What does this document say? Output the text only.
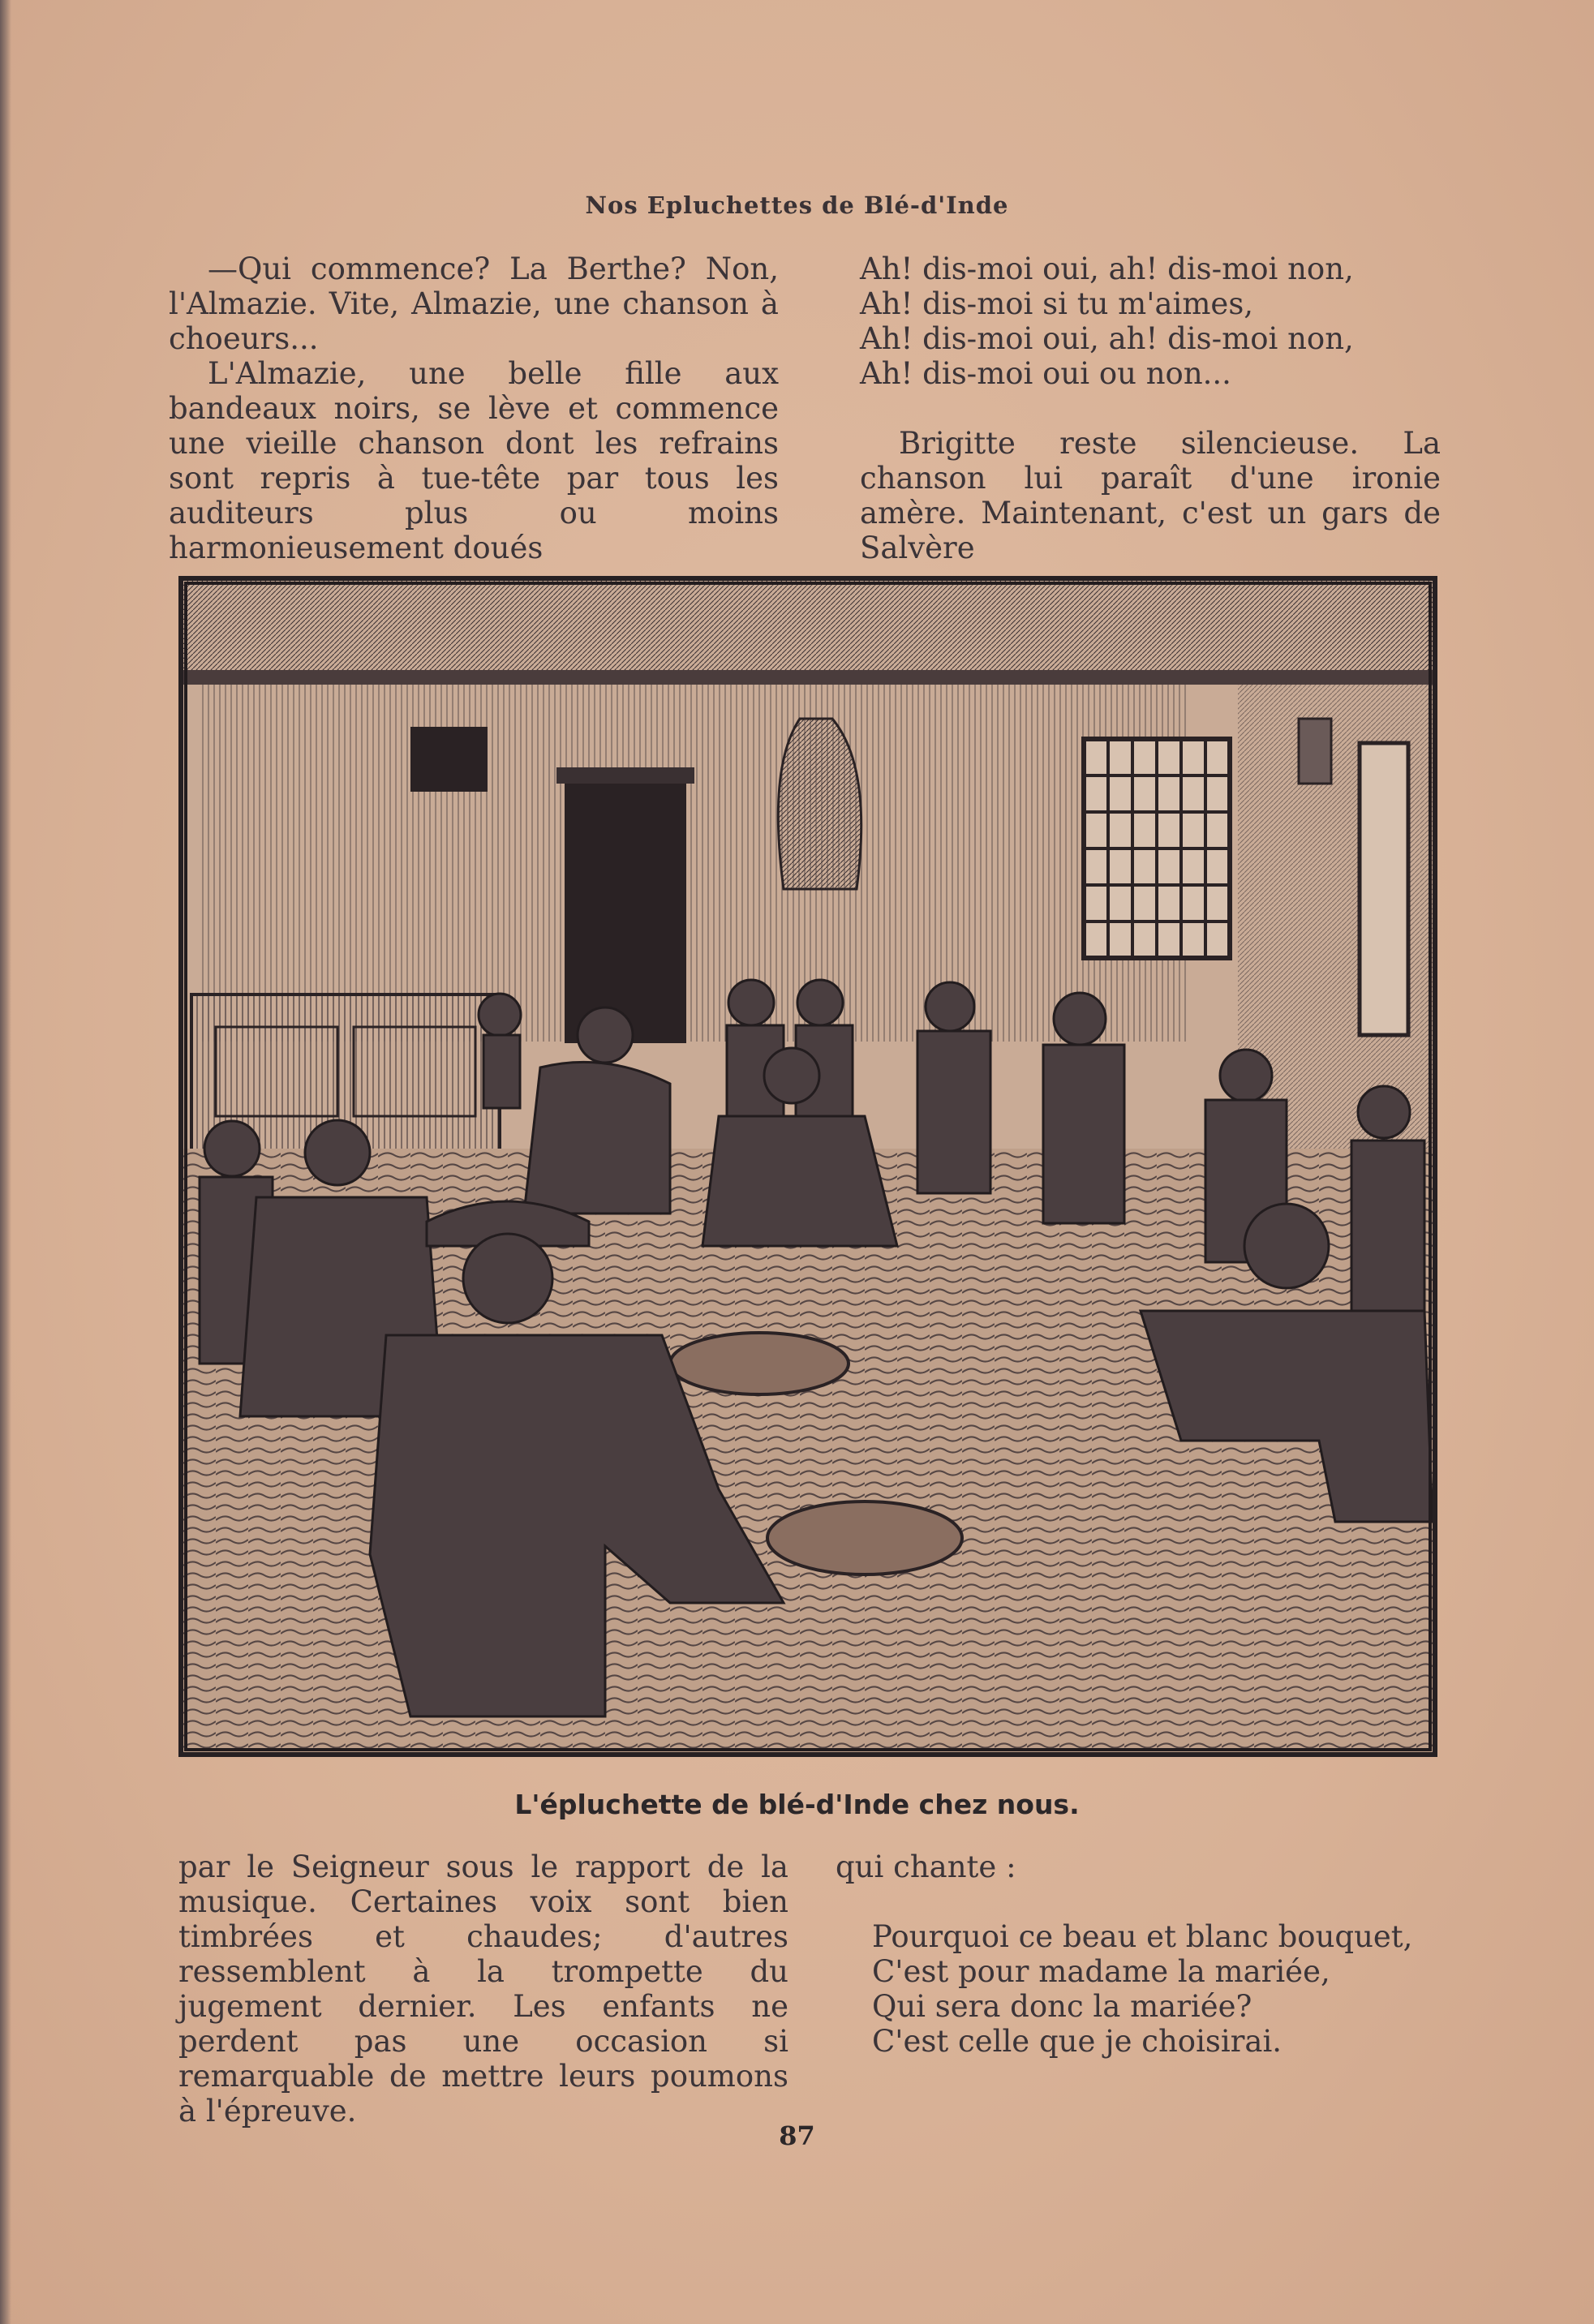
Nos Epluchettes de Blé-d'Inde

—Qui commence? La Berthe? Non, l'Almazie. Vite, Almazie, une chanson à choeurs...

L'Almazie, une belle fille aux bandeaux noirs, se lève et commence une vieille chanson dont les refrains sont repris à tue-tête par tous les auditeurs plus ou moins harmonieusement doués

Ah! dis-moi oui, ah! dis-moi non,
Ah! dis-moi si tu m'aimes,
Ah! dis-moi oui, ah! dis-moi non,
Ah! dis-moi oui ou non...

Brigitte reste silencieuse. La chanson lui paraît d'une ironie amère. Maintenant, c'est un gars de Salvère

L'épluchette de blé-d'Inde chez nous.

par le Seigneur sous le rapport de la musique. Certaines voix sont bien timbrées et chaudes; d'autres ressemblent à la trompette du jugement dernier. Les enfants ne perdent pas une occasion si remarquable de mettre leurs poumons à l'épreuve.

qui chante :

Pourquoi ce beau et blanc bouquet,
C'est pour madame la mariée,
Qui sera donc la mariée?
C'est celle que je choisirai.
87
